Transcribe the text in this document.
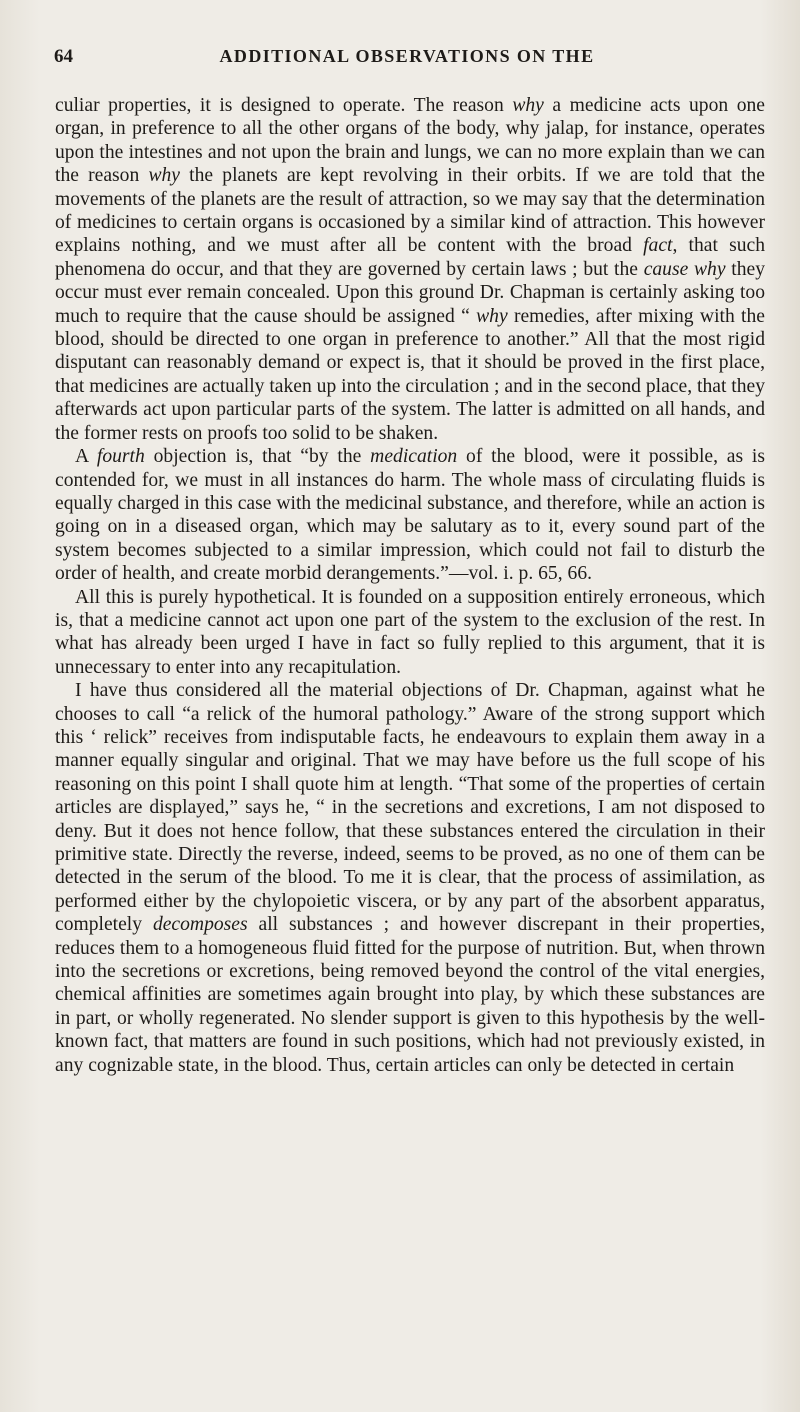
64	ADDITIONAL OBSERVATIONS ON THE

culiar properties, it is designed to operate. The reason why a medicine acts upon one organ, in preference to all the other organs of the body, why jalap, for instance, operates upon the intestines and not upon the brain and lungs, we can no more explain than we can the reason why the planets are kept revolving in their orbits. If we are told that the movements of the planets are the result of attraction, so we may say that the determination of medicines to certain organs is occasioned by a similar kind of attraction. This however explains nothing, and we must after all be content with the broad fact, that such phenomena do occur, and that they are governed by certain laws ; but the cause why they occur must ever remain concealed. Upon this ground Dr. Chapman is certainly asking too much to require that the cause should be assigned “ why remedies, after mixing with the blood, should be directed to one organ in preference to another.” All that the most rigid disputant can reasonably demand or expect is, that it should be proved in the first place, that medicines are actually taken up into the circulation ; and in the second place, that they afterwards act upon particular parts of the system. The latter is admitted on all hands, and the former rests on proofs too solid to be shaken.

A fourth objection is, that “by the medication of the blood, were it possible, as is contended for, we must in all instances do harm. The whole mass of circulating fluids is equally charged in this case with the medicinal substance, and therefore, while an action is going on in a diseased organ, which may be salutary as to it, every sound part of the system becomes subjected to a similar impression, which could not fail to disturb the order of health, and create morbid derangements.”—vol. i. p. 65, 66.

All this is purely hypothetical. It is founded on a supposition entirely erroneous, which is, that a medicine cannot act upon one part of the system to the exclusion of the rest. In what has already been urged I have in fact so fully replied to this argument, that it is unnecessary to enter into any recapitulation.

I have thus considered all the material objections of Dr. Chapman, against what he chooses to call “a relick of the humoral pathology.” Aware of the strong support which this ‘ relick” receives from indisputable facts, he endeavours to explain them away in a manner equally singular and original. That we may have before us the full scope of his reasoning on this point I shall quote him at length. “That some of the properties of certain articles are displayed,” says he, “ in the secretions and excretions, I am not disposed to deny. But it does not hence follow, that these substances entered the circulation in their primitive state. Directly the reverse, indeed, seems to be proved, as no one of them can be detected in the serum of the blood. To me it is clear, that the process of assimilation, as performed either by the chylopoietic viscera, or by any part of the absorbent apparatus, completely decomposes all substances ; and however discrepant in their properties, reduces them to a homogeneous fluid fitted for the purpose of nutrition. But, when thrown into the secretions or excretions, being removed beyond the control of the vital energies, chemical affinities are sometimes again brought into play, by which these substances are in part, or wholly regenerated. No slender support is given to this hypothesis by the well-known fact, that matters are found in such positions, which had not previously existed, in any cognizable state, in the blood. Thus, certain articles can only be detected in certain
